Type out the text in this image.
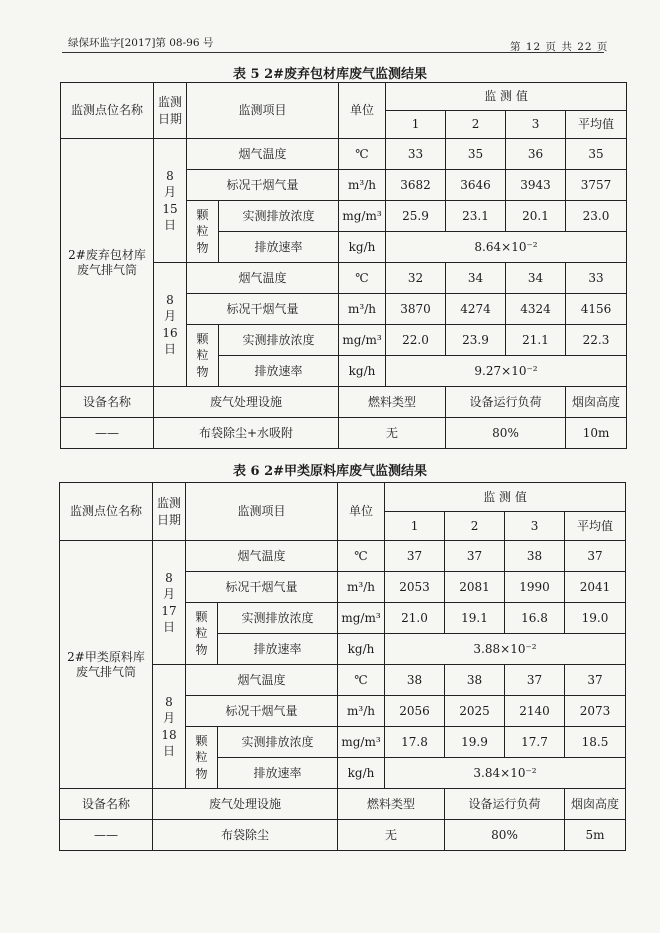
绿保环监字[2017]第 08-96 号	第 12 页 共 22 页
表 5 2#废弃包材库废气监测结果
监测点位名称	监测
日期	监测项目		单位	监 测 值			
					1	2	3	平均值

2#废弃包材库废气排气筒	8
月
15
日	烟气温度		℃	33	35	36	35
		标况干烟气量		m³/h	3682	3646	3943	3757

		颗
粒
物	实测排放浓度	mg/m³	25.9	23.1	20.1	23.0
			排放速率	kg/h	8.64×10⁻²			

	8
月
16
日	烟气温度		℃	32	34	34	33
		标况干烟气量		m³/h	3870	4274	4324	4156

		颗
粒
物	实测排放浓度	mg/m³	22.0	23.9	21.1	22.3
			排放速率	kg/h	9.27×10⁻²			
设备名称	废气处理设施			燃料类型		设备运行负荷		烟囱高度
——	布袋除尘+水吸附			无		80%		10m
表 6 2#甲类原料库废气监测结果
监测点位名称	监测
日期	监测项目		单位	监 测 值			
					1	2	3	平均值

2#甲类原料库废气排气筒	8
月
17
日	烟气温度		℃	37	37	38	37
		标况干烟气量		m³/h	2053	2081	1990	2041

		颗
粒
物	实测排放浓度	mg/m³	21.0	19.1	16.8	19.0
			排放速率	kg/h	3.88×10⁻²			

	8
月
18
日	烟气温度		℃	38	38	37	37
		标况干烟气量		m³/h	2056	2025	2140	2073

		颗
粒
物	实测排放浓度	mg/m³	17.8	19.9	17.7	18.5
			排放速率	kg/h	3.84×10⁻²			
设备名称	废气处理设施			燃料类型		设备运行负荷		烟囱高度
——	布袋除尘			无		80%		5m
